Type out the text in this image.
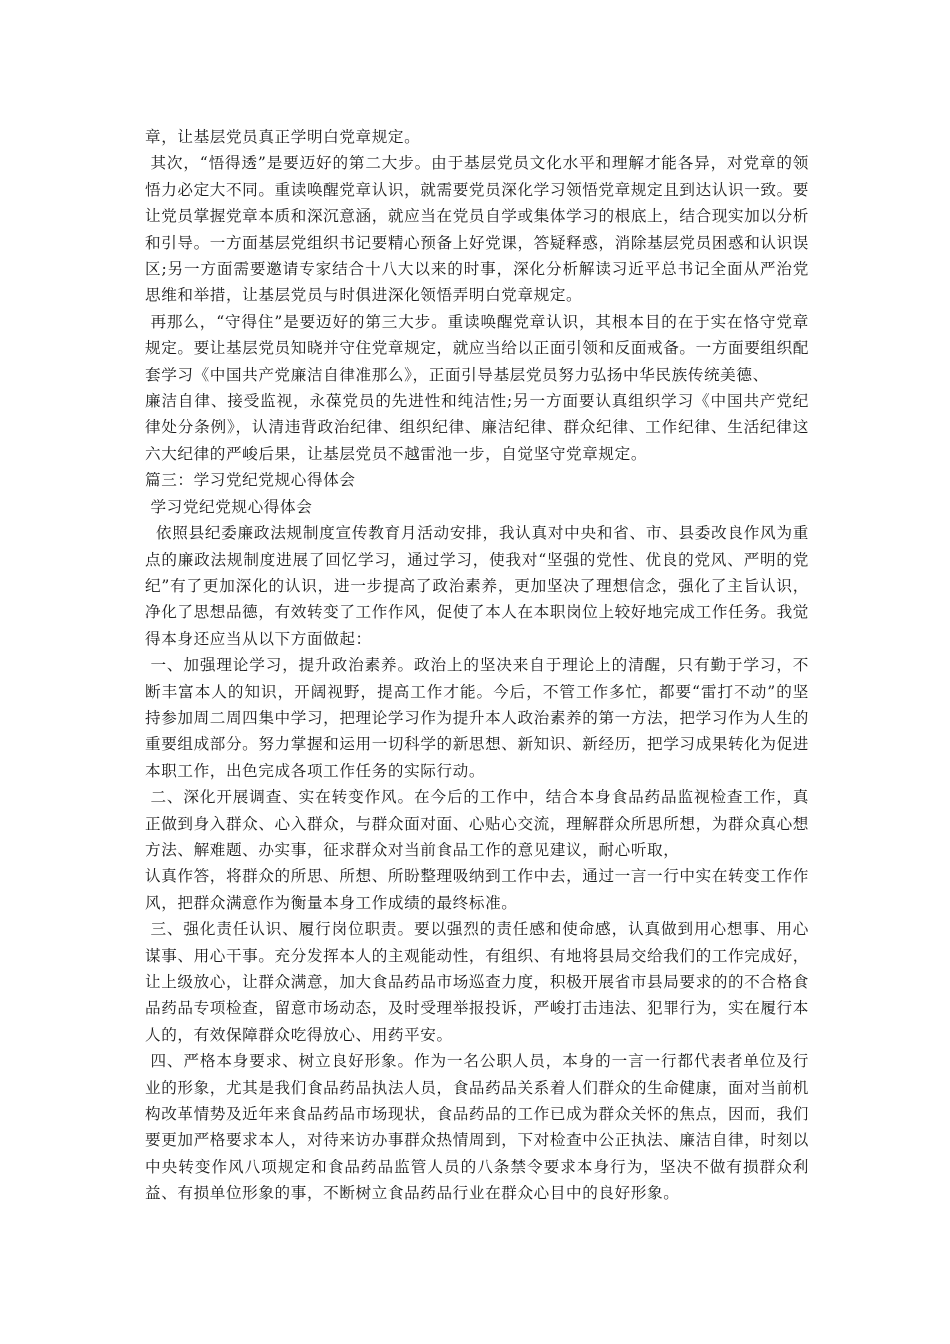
章，让基层党员真正学明白党章规定。

其次，“悟得透”是要迈好的第二大步。由于基层党员文化水平和理解才能各异，对党章的领悟力必定大不同。重读唤醒党章认识，就需要党员深化学习领悟党章规定且到达认识一致。要让党员掌握党章本质和深沉意涵，就应当在党员自学或集体学习的根底上，结合现实加以分析和引导。一方面基层党组织书记要精心预备上好党课，答疑释惑，消除基层党员困惑和认识误区;另一方面需要邀请专家结合十八大以来的时事，深化分析解读习近平总书记全面从严治党思维和举措，让基层党员与时俱进深化领悟弄明白党章规定。

再那么，“守得住”是要迈好的第三大步。重读唤醒党章认识，其根本目的在于实在恪守党章规定。要让基层党员知晓并守住党章规定，就应当给以正面引领和反面戒备。一方面要组织配套学习《中国共产党廉洁自律准那么》，正面引导基层党员努力弘扬中华民族传统美德、

廉洁自律、接受监视，永葆党员的先进性和纯洁性;另一方面要认真组织学习《中国共产党纪律处分条例》，认清违背政治纪律、组织纪律、廉洁纪律、群众纪律、工作纪律、生活纪律这六大纪律的严峻后果，让基层党员不越雷池一步，自觉坚守党章规定。

篇三：学习党纪党规心得体会

学习党纪党规心得体会

依照县纪委廉政法规制度宣传教育月活动安排，我认真对中央和省、市、县委改良作风为重点的廉政法规制度进展了回忆学习，通过学习，使我对“坚强的党性、优良的党风、严明的党纪”有了更加深化的认识，进一步提高了政治素养，更加坚决了理想信念，强化了主旨认识，净化了思想品德，有效转变了工作作风，促使了本人在本职岗位上较好地完成工作任务。我觉得本身还应当从以下方面做起：

一、加强理论学习，提升政治素养。政治上的坚决来自于理论上的清醒，只有勤于学习，不断丰富本人的知识，开阔视野，提高工作才能。今后，不管工作多忙，都要“雷打不动”的坚持参加周二周四集中学习，把理论学习作为提升本人政治素养的第一方法，把学习作为人生的重要组成部分。努力掌握和运用一切科学的新思想、新知识、新经历，把学习成果转化为促进本职工作，出色完成各项工作任务的实际行动。

二、深化开展调查、实在转变作风。在今后的工作中，结合本身食品药品监视检查工作，真正做到身入群众、心入群众，与群众面对面、心贴心交流，理解群众所思所想，为群众真心想方法、解难题、办实事，征求群众对当前食品工作的意见建议，耐心听取，

认真作答，将群众的所思、所想、所盼整理吸纳到工作中去，通过一言一行中实在转变工作作风，把群众满意作为衡量本身工作成绩的最终标准。

三、强化责任认识、履行岗位职责。要以强烈的责任感和使命感，认真做到用心想事、用心谋事、用心干事。充分发挥本人的主观能动性，有组织、有地将县局交给我们的工作完成好，让上级放心，让群众满意，加大食品药品市场巡查力度，积极开展省市县局要求的的不合格食品药品专项检查，留意市场动态，及时受理举报投诉，严峻打击违法、犯罪行为，实在履行本人的，有效保障群众吃得放心、用药平安。

四、严格本身要求、树立良好形象。作为一名公职人员，本身的一言一行都代表者单位及行业的形象，尤其是我们食品药品执法人员，食品药品关系着人们群众的生命健康，面对当前机构改革情势及近年来食品药品市场现状，食品药品的工作已成为群众关怀的焦点，因而，我们要更加严格要求本人，对待来访办事群众热情周到，下对检查中公正执法、廉洁自律，时刻以中央转变作风八项规定和食品药品监管人员的八条禁令要求本身行为，坚决不做有损群众利益、有损单位形象的事，不断树立食品药品行业在群众心目中的良好形象。
